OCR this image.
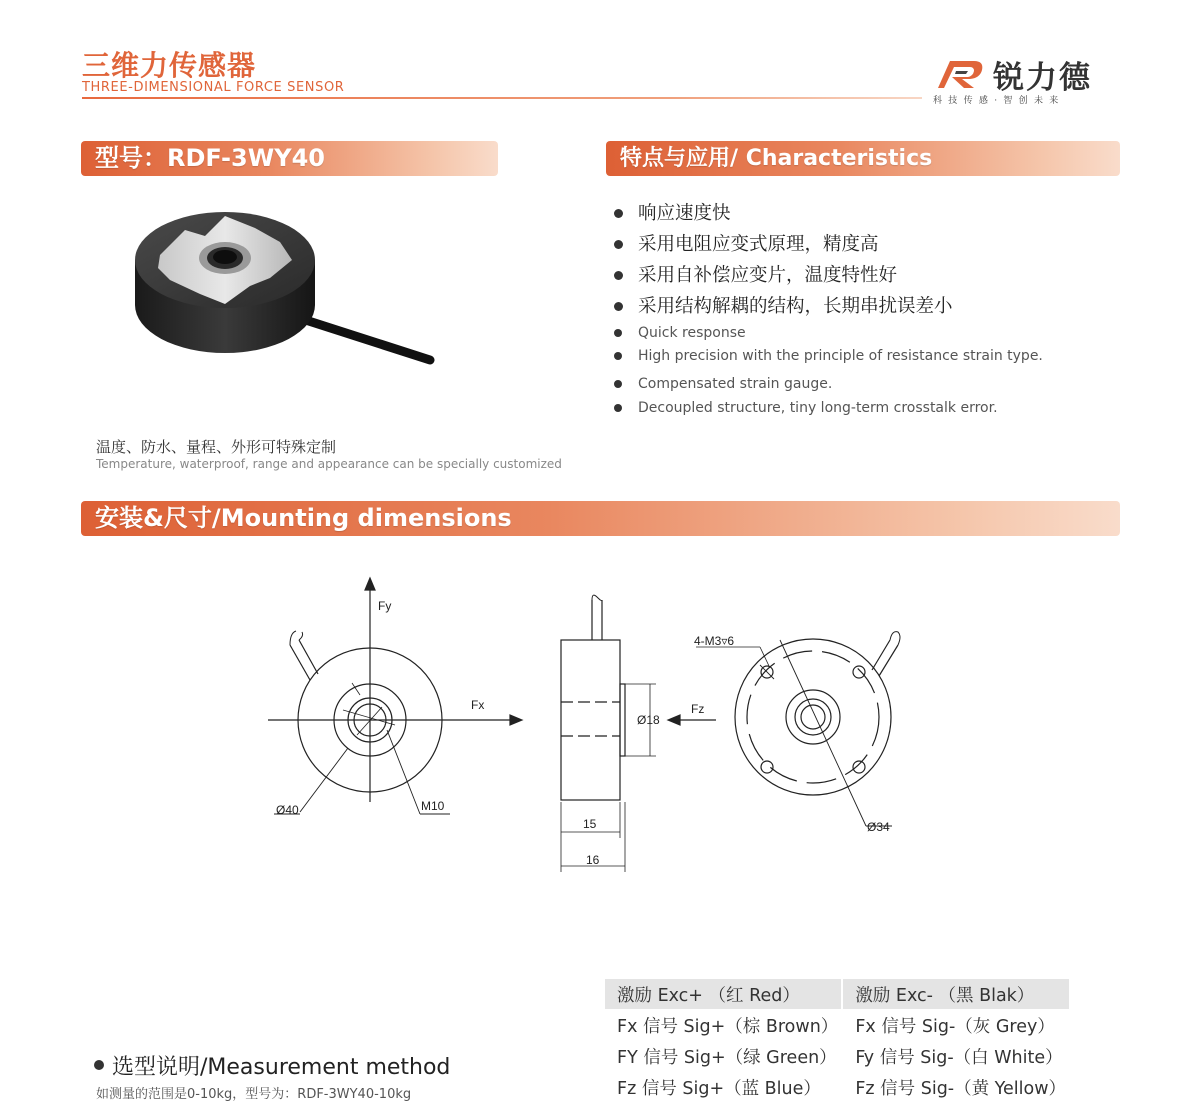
三维力传感器
THREE-DIMENSIONAL FORCE SENSOR	锐力德
科技传感·智创未来
型号：RDF-3WY40	特点与应用/ Characteristics
响应速度快
采用电阻应变式原理，精度高
采用自补偿应变片，温度特性好
采用结构解耦的结构，长期串扰误差小
Quick response
High precision with the principle of resistance strain type.
Compensated strain gauge.
Decoupled structure, tiny long-term crosstalk error.
温度、防水、量程、外形可特殊定制
Temperature, waterproof, range and appearance can be specially customized
安装&尺寸/Mounting dimensions
Fy
Fx
Ø40	M10
Ø18
15
16
Fz
4-M3▿6
Ø34
激励 Exc+ （红 Red）	激励 Exc- （黑 Blak）
Fx 信号 Sig+（棕 Brown）	Fx 信号 Sig-（灰 Grey）
FY 信号 Sig+（绿 Green）	Fy 信号 Sig-（白 White）
Fz 信号 Sig+（蓝 Blue）	Fz 信号 Sig-（黄 Yellow）
选型说明/Measurement method
如测量的范围是0-10kg，型号为：RDF-3WY40-10kg
